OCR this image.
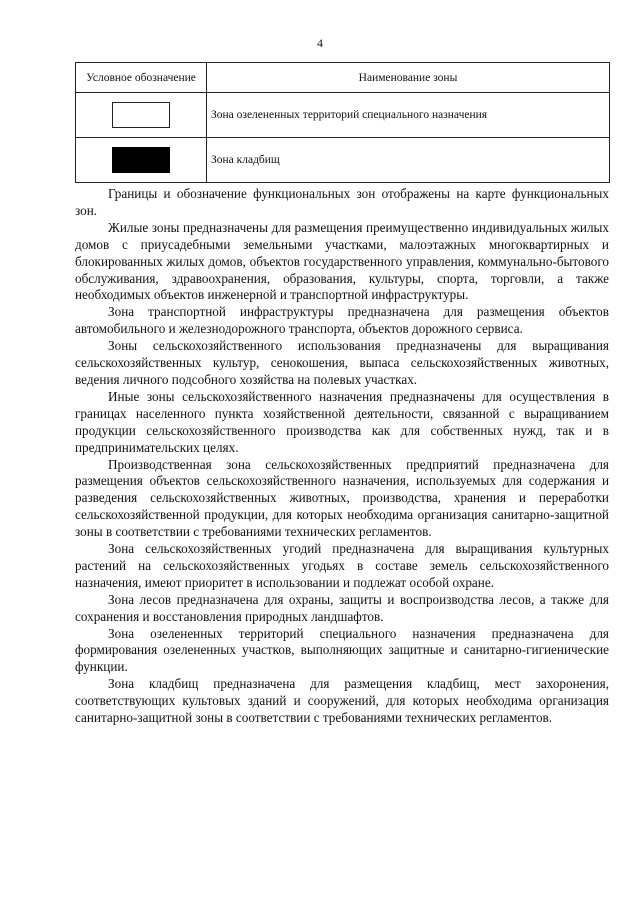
4
Условное обозначение	Наименование зоны
	Зона озелененных территорий специального назначения
	Зона кладбищ

Границы и обозначение функциональных зон отображены на карте функциональных зон.

Жилые зоны предназначены для размещения преимущественно индивидуальных жилых домов с приусадебными земельными участками, малоэтажных многоквартирных и блокированных жилых домов, объектов государственного управления, коммунально-бытового обслуживания, здравоохранения, образования, культуры, спорта, торговли, а также необходимых объектов инженерной и транспортной инфраструктуры.

Зона транспортной инфраструктуры предназначена для размещения объектов автомобильного и железнодорожного транспорта, объектов дорожного сервиса.

Зоны сельскохозяйственного использования предназначены для выращивания сельскохозяйственных культур, сенокошения, выпаса сельскохозяйственных животных, ведения личного подсобного хозяйства на полевых участках.

Иные зоны сельскохозяйственного назначения предназначены для осуществления в границах населенного пункта хозяйственной деятельности, связанной с выращиванием продукции сельскохозяйственного производства как для собственных нужд, так и в предпринимательских целях.

Производственная зона сельскохозяйственных предприятий предназначена для размещения объектов сельскохозяйственного назначения, используемых для содержания и разведения сельскохозяйственных животных, производства, хранения и переработки сельскохозяйственной продукции, для которых необходима организация санитарно-защитной зоны в соответствии с требованиями технических регламентов.

Зона сельскохозяйственных угодий предназначена для выращивания культурных растений на сельскохозяйственных угодьях в составе земель сельскохозяйственного назначения, имеют приоритет в использовании и подлежат особой охране.

Зона лесов предназначена для охраны, защиты и воспроизводства лесов, а также для сохранения и восстановления природных ландшафтов.

Зона озелененных территорий специального назначения предназначена для формирования озелененных участков, выполняющих защитные и санитарно-гигиенические функции.

Зона кладбищ предназначена для размещения кладбищ, мест захоронения, соответствующих культовых зданий и сооружений, для которых необходима организация санитарно-защитной зоны в соответствии с требованиями технических регламентов.
